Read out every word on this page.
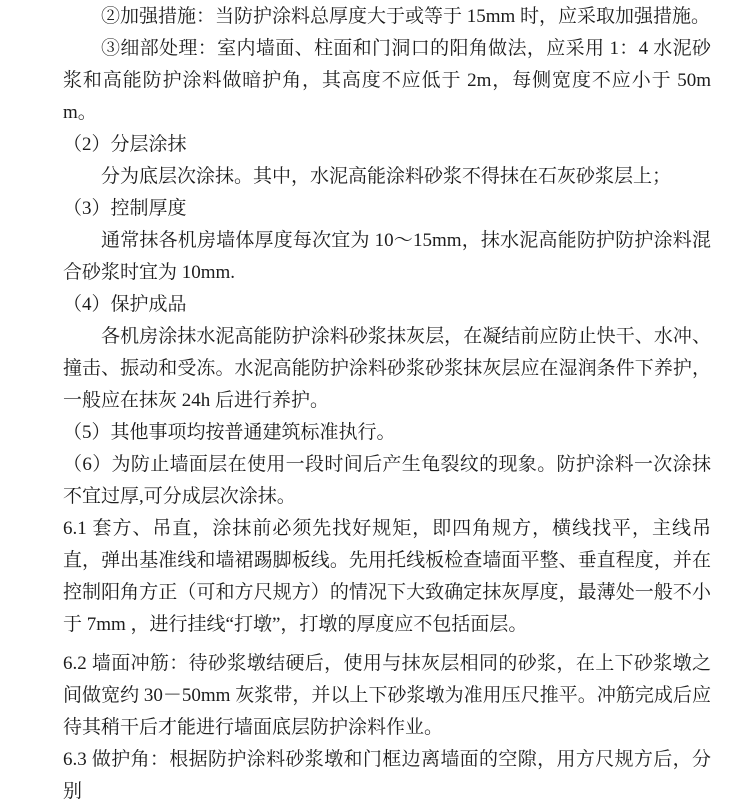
②加强措施：当防护涂料总厚度大于或等于 15mm 时，应采取加强措施。

③细部处理：室内墙面、柱面和门洞口的阳角做法，应采用 1：4 水泥砂浆和高能防护涂料做暗护角，其高度不应低于 2m，每侧宽度不应小于 50mm。

（2）分层涂抹

分为底层次涂抹。其中，水泥高能涂料砂浆不得抹在石灰砂浆层上；

（3）控制厚度

通常抹各机房墙体厚度每次宜为 10～15mm，抹水泥高能防护防护涂料混合砂浆时宜为 10mm.

（4）保护成品

各机房涂抹水泥高能防护涂料砂浆抹灰层，在凝结前应防止快干、水冲、撞击、振动和受冻。水泥高能防护涂料砂浆砂浆抹灰层应在湿润条件下养护，一般应在抹灰 24h 后进行养护。

（5）其他事项均按普通建筑标准执行。

（6）为防止墙面层在使用一段时间后产生龟裂纹的现象。防护涂料一次涂抹不宜过厚,可分成层次涂抹。

6.1 套方、吊直，涂抹前必须先找好规矩，即四角规方，横线找平，主线吊直，弹出基准线和墙裙踢脚板线。先用托线板检查墙面平整、垂直程度，并在控制阳角方正（可和方尺规方）的情况下大致确定抹灰厚度，最薄处一般不小于 7mm ，进行挂线“打墩”，打墩的厚度应不包括面层。

6.2 墙面冲筋：待砂浆墩结硬后，使用与抹灰层相同的砂浆，在上下砂浆墩之间做宽约 30－50mm 灰浆带，并以上下砂浆墩为准用压尺推平。冲筋完成后应待其稍干后才能进行墙面底层防护涂料作业。

6.3 做护角：根据防护涂料砂浆墩和门框边离墙面的空隙，用方尺规方后，分别
